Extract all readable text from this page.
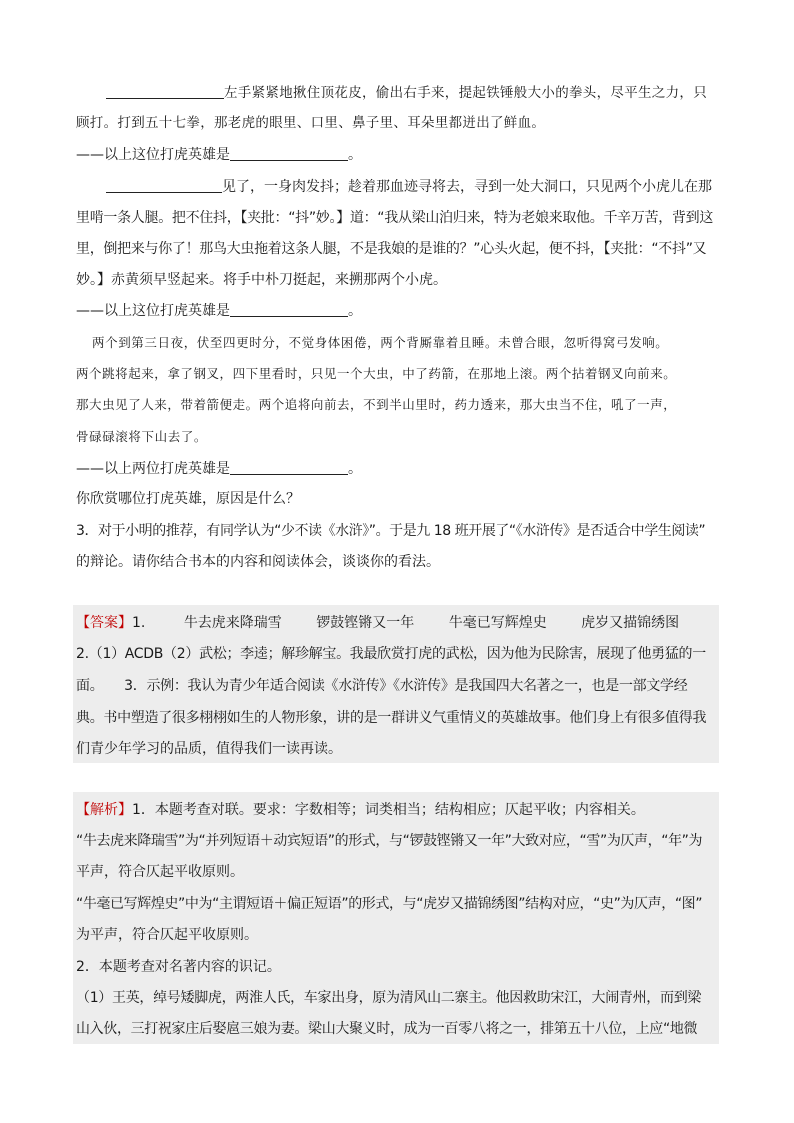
左手紧紧地揪住顶花皮，偷出右手来，提起铁锤般大小的拳头，尽平生之力，只
顾打。打到五十七拳，那老虎的眼里、口里、鼻子里、耳朵里都迸出了鲜血。
——以上这位打虎英雄是	。
见了，一身肉发抖；趁着那血迹寻将去，寻到一处大洞口，只见两个小虎儿在那
里啃一条人腿。把不住抖，【夹批：“抖”妙。】道：“我从梁山泊归来，特为老娘来取他。千辛万苦，背到这
里，倒把来与你了！那鸟大虫拖着这条人腿，不是我娘的是谁的？”心头火起，便不抖，【夹批：“不抖”又
妙。】赤黄须早竖起来。将手中朴刀挺起，来搠那两个小虎。
——以上这位打虎英雄是	。
两个到第三日夜，伏至四更时分，不觉身体困倦，两个背厮靠着且睡。未曾合眼，忽听得窝弓发响。
两个跳将起来，拿了钢叉，四下里看时，只见一个大虫，中了药箭，在那地上滚。两个拈着钢叉向前来。
那大虫见了人来，带着箭便走。两个追将向前去，不到半山里时，药力透来，那大虫当不住，吼了一声，
骨碌碌滚将下山去了。
——以上两位打虎英雄是	。
你欣赏哪位打虎英雄，原因是什么？
3．对于小明的推荐，有同学认为“少不读《水浒》”。于是九 18 班开展了“《水浒传》是否适合中学生阅读”
的辩论。请你结合书本的内容和阅读体会，谈谈你的看法。
【答案】1.	牛去虎来降瑞雪 锣鼓铿锵又一年 牛毫已写辉煌史 虎岁又描锦绣图
2.（1）ACDB（2）武松；李逵；解珍解宝。我最欣赏打虎的武松，因为他为民除害，展现了他勇猛的一
面。     3．示例：我认为青少年适合阅读《水浒传》《水浒传》是我国四大名著之一，也是一部文学经
典。书中塑造了很多栩栩如生的人物形象，讲的是一群讲义气重情义的英雄故事。他们身上有很多值得我
们青少年学习的品质，值得我们一读再读。
【解析】1．本题考查对联。要求：字数相等；词类相当；结构相应；仄起平收；内容相关。
“牛去虎来降瑞雪”为“并列短语＋动宾短语”的形式，与“锣鼓铿锵又一年”大致对应，“雪”为仄声，“年”为
平声，符合仄起平收原则。
“牛毫已写辉煌史”中为“主谓短语＋偏正短语”的形式，与“虎岁又描锦绣图”结构对应，“史”为仄声，“图”
为平声，符合仄起平收原则。
2．本题考查对名著内容的识记。
（1）王英，绰号矮脚虎，两淮人氏，车家出身，原为清风山二寨主。他因救助宋江，大闹青州，而到梁
山入伙，三打祝家庄后娶扈三娘为妻。梁山大聚义时，成为一百零八将之一，排第五十八位，上应“地微
